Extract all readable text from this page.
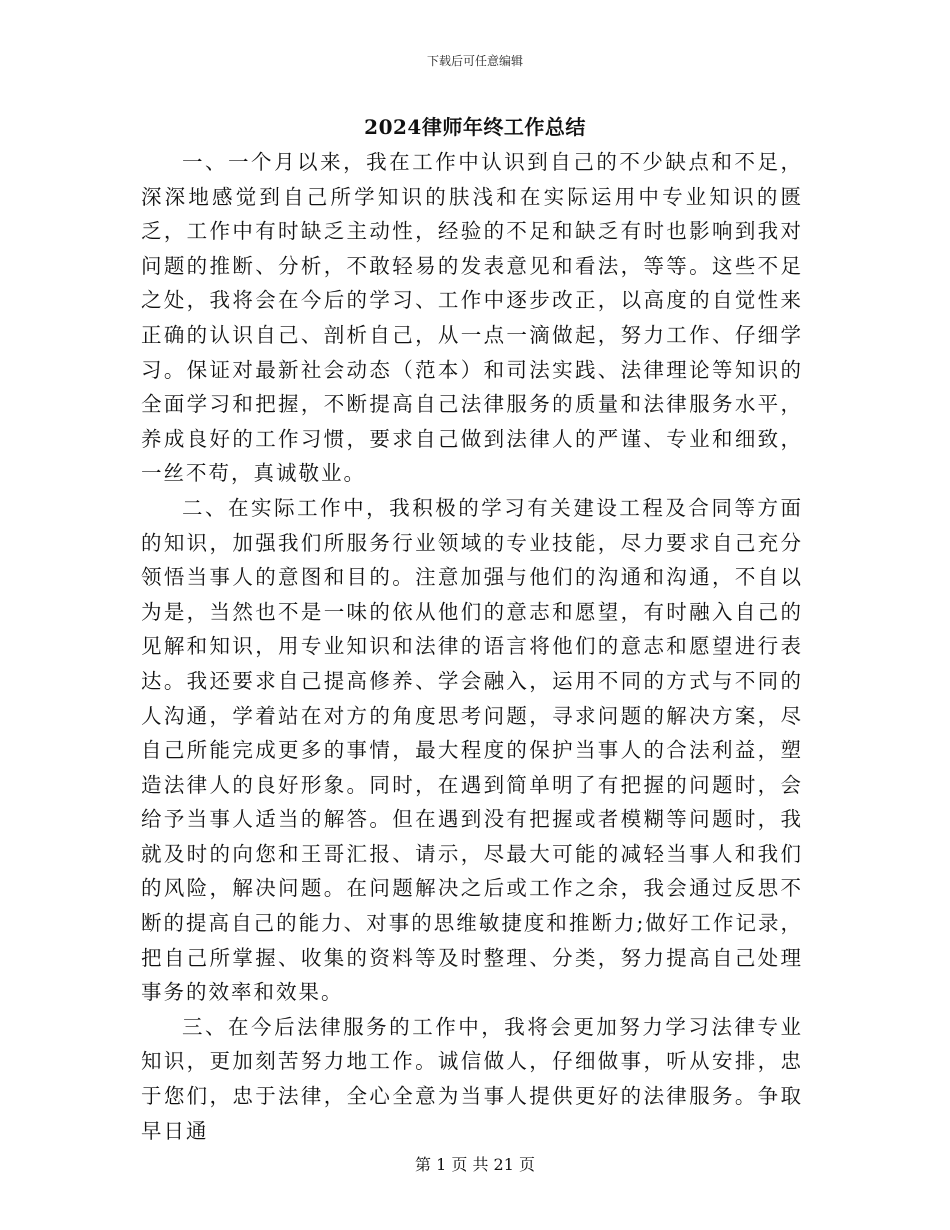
下载后可任意编辑
2024律师年终工作总结

一、一个月以来，我在工作中认识到自己的不少缺点和不足，深深地感觉到自己所学知识的肤浅和在实际运用中专业知识的匮乏，工作中有时缺乏主动性，经验的不足和缺乏有时也影响到我对问题的推断、分析，不敢轻易的发表意见和看法，等等。这些不足之处，我将会在今后的学习、工作中逐步改正，以高度的自觉性来正确的认识自己、剖析自己，从一点一滴做起，努力工作、仔细学习。保证对最新社会动态（范本）和司法实践、法律理论等知识的全面学习和把握，不断提高自己法律服务的质量和法律服务水平，养成良好的工作习惯，要求自己做到法律人的严谨、专业和细致，一丝不苟，真诚敬业。

二、在实际工作中，我积极的学习有关建设工程及合同等方面的知识，加强我们所服务行业领域的专业技能，尽力要求自己充分领悟当事人的意图和目的。注意加强与他们的沟通和沟通，不自以为是，当然也不是一味的依从他们的意志和愿望，有时融入自己的见解和知识，用专业知识和法律的语言将他们的意志和愿望进行表达。我还要求自己提高修养、学会融入，运用不同的方式与不同的人沟通，学着站在对方的角度思考问题，寻求问题的解决方案，尽自己所能完成更多的事情，最大程度的保护当事人的合法利益，塑造法律人的良好形象。同时，在遇到简单明了有把握的问题时，会给予当事人适当的解答。但在遇到没有把握或者模糊等问题时，我就及时的向您和王哥汇报、请示，尽最大可能的减轻当事人和我们的风险，解决问题。在问题解决之后或工作之余，我会通过反思不断的提高自己的能力、对事的思维敏捷度和推断力;做好工作记录，把自己所掌握、收集的资料等及时整理、分类，努力提高自己处理事务的效率和效果。

三、在今后法律服务的工作中，我将会更加努力学习法律专业知识，更加刻苦努力地工作。诚信做人，仔细做事，听从安排，忠于您们，忠于法律，全心全意为当事人提供更好的法律服务。争取早日通

第 1 页 共 21 页
